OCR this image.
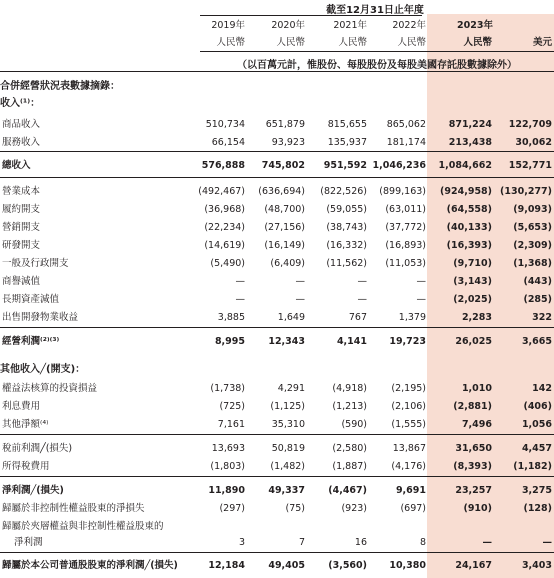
截至12月31日止年度
2019年	2020年	2021年	2022年	2023年
人民幣	人民幣	人民幣	人民幣	人民幣	美元
（以百萬元計，惟股份、每股股份及每股美國存託股數據除外）
合併經營狀況表數據摘錄：
收入⁽¹⁾：
商品收入	510,734	651,879	815,655	865,062	871,224	122,709
服務收入	66,154	93,923	135,937	181,174	213,438	30,062
總收入	576,888	745,802	951,592 1,046,236	1,084,662	152,771
營業成本	(492,467)	(636,694)	(822,526)	(899,163)	(924,958) (130,277)
履約開支	(36,968)	(48,700)	(59,055)	(63,011)	(64,558)	(9,093)
營銷開支	(22,234)	(27,156)	(38,743)	(37,772)	(40,133)	(5,653)
研發開支	(14,619)	(16,149)	(16,332)	(16,893)	(16,393)	(2,309)
一般及行政開支	(5,490)	(6,409)	(11,562)	(11,053)	(9,710)	(1,368)
商譽減值	—	—	—	—	(3,143)	(443)
長期資產減值	—	—	—	—	(2,025)	(285)
出售開發物業收益	3,885	1,649	767	1,379	2,283	322
經營利潤⁽²⁾⁽³⁾	8,995	12,343	4,141	19,723	26,025	3,665
其他收入╱(開支)：
權益法核算的投資損益	(1,738)	4,291	(4,918)	(2,195)	1,010	142
利息費用	(725)	(1,125)	(1,213)	(2,106)	(2,881)	(406)
其他淨額⁽⁴⁾	7,161	35,310	(590)	(1,555)	7,496	1,056
稅前利潤╱(損失)	13,693	50,819	(2,580)	13,867	31,650	4,457
所得稅費用	(1,803)	(1,482)	(1,887)	(4,176)	(8,393)	(1,182)
淨利潤╱(損失)	11,890	49,337	(4,467)	9,691	23,257	3,275
歸屬於非控制性權益股東的淨損失	(297)	(75)	(923)	(697)	(910)	(128)
歸屬於夾層權益與非控制性權益股東的
淨利潤	3	7	16	8	—	—
歸屬於本公司普通股股東的淨利潤╱(損失)	12,184	49,405	(3,560)	10,380	24,167	3,403
